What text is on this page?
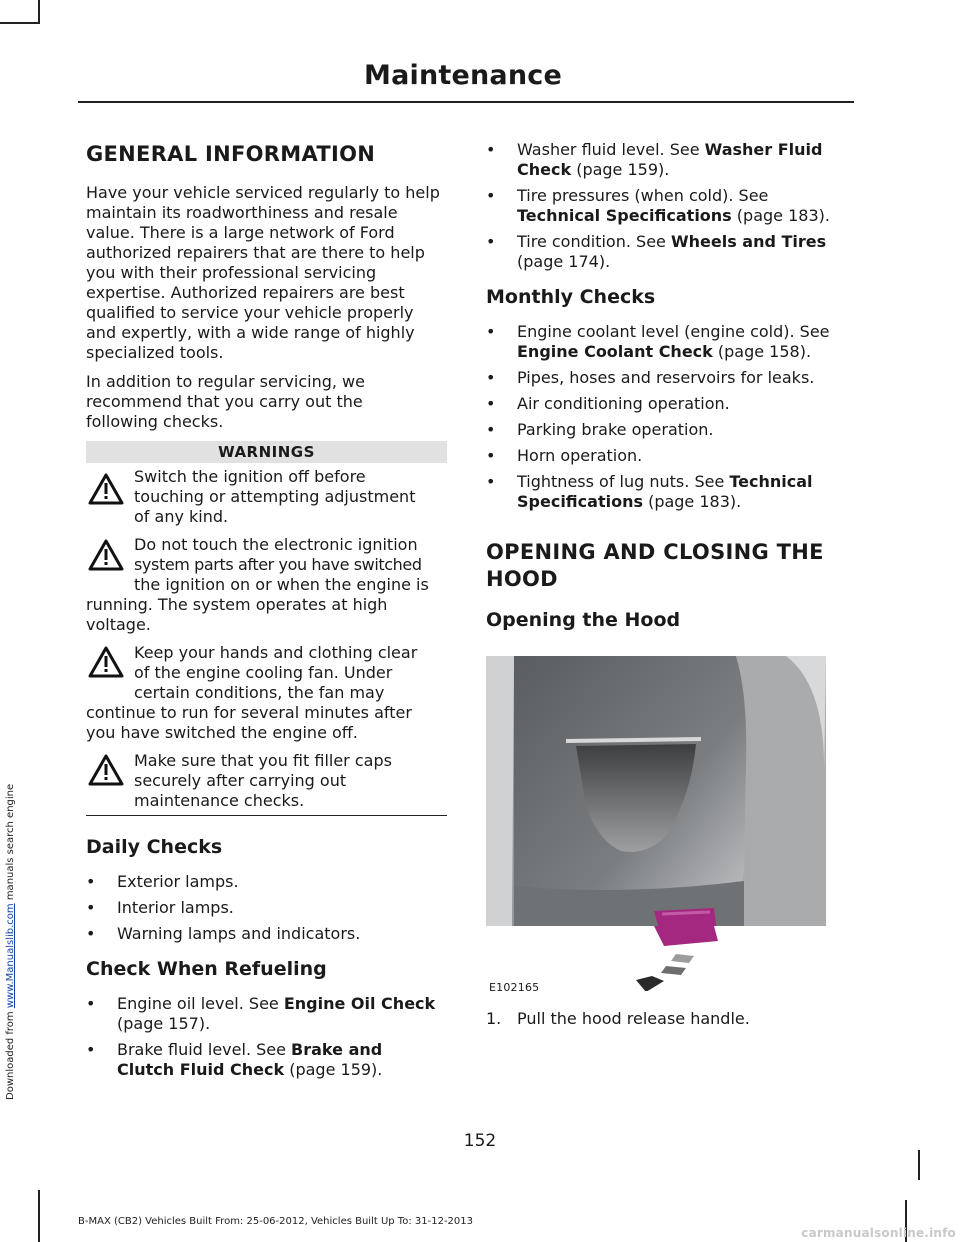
Maintenance
GENERAL INFORMATION

Have your vehicle serviced regularly to help

maintain its roadworthiness and resale

value. There is a large network of Ford

authorized repairers that are there to help

you with their professional servicing

expertise. Authorized repairers are best

qualified to service your vehicle properly

and expertly, with a wide range of highly

specialized tools.

In addition to regular servicing, we

recommend that you carry out the

following checks.

WARNINGS

Switch the ignition off before

touching or attempting adjustment

of any kind.

Do not touch the electronic ignition

system parts after you have switched

the ignition on or when the engine is

running. The system operates at high

voltage.

Keep your hands and clothing clear

of the engine cooling fan. Under

certain conditions, the fan may

continue to run for several minutes after

you have switched the engine off.

Make sure that you fit filler caps

securely after carrying out

maintenance checks.

Daily Checks
• Exterior lamps.
• Interior lamps.
• Warning lamps and indicators.
Check When Refueling
• Engine oil level. See Engine Oil Check
(page 157).
• Brake fluid level. See Brake and
Clutch Fluid Check (page 159).
• Washer fluid level. See Washer Fluid
Check (page 159).
• Tire pressures (when cold). See
Technical Specifications (page 183).
• Tire condition. See Wheels and Tires
(page 174).
Monthly Checks
• Engine coolant level (engine cold). See
Engine Coolant Check (page 158).
• Pipes, hoses and reservoirs for leaks.
• Air conditioning operation.
• Parking brake operation.
• Horn operation.
• Tightness of lug nuts. See Technical
Specifications (page 183).
OPENING AND CLOSING THE
HOOD
Opening the Hood
E102165
1. Pull the hood release handle.
152
B-MAX (CB2) Vehicles Built From: 25-06-2012, Vehicles Built Up To: 31-12-2013
Downloaded from www.Manualslib.com manuals search engine
carmanualsonline.info
